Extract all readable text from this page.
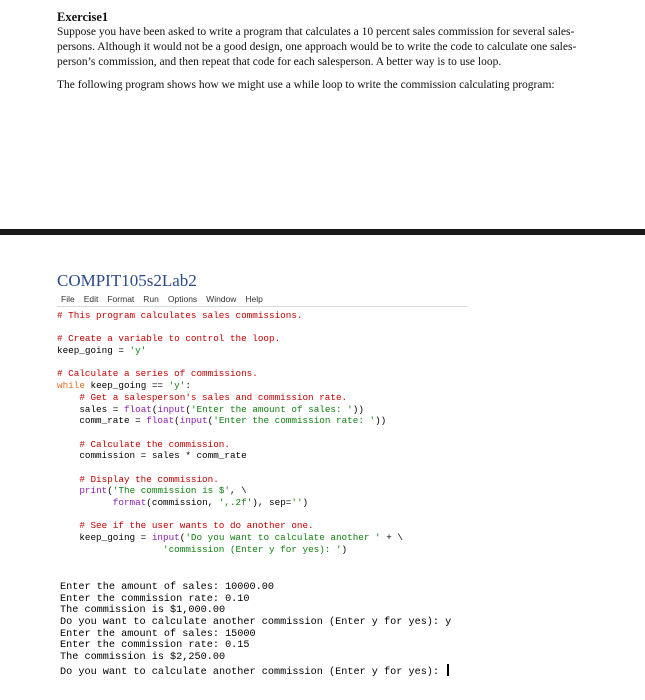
Exercise1

Suppose you have been asked to write a program that calculates a 10 percent sales commission for several sales-

persons. Although it would not be a good design, one approach would be to write the code to calculate one sales-

person’s commission, and then repeat that code for each salesperson. A better way is to use loop.

The following program shows how we might use a while loop to write the commission calculating program:

COMPIT105s2Lab2

File Edit Format Run Options Window Help
# This program calculates sales commissions.
# Create a variable to control the loop.
keep_going = 'y'
# Calculate a series of commissions.
while keep_going == 'y':
# Get a salesperson's sales and commission rate.
sales = float(input('Enter the amount of sales: '))
comm_rate = float(input('Enter the commission rate: '))
# Calculate the commission.
commission = sales * comm_rate
# Display the commission.
print('The commission is $', \
format(commission, ',.2f'), sep='')
# See if the user wants to do another one.
keep_going = input('Do you want to calculate another ' + \
'commission (Enter y for yes): ')
Enter the amount of sales: 10000.00
Enter the commission rate: 0.10
The commission is $1,000.00
Do you want to calculate another commission (Enter y for yes): y
Enter the amount of sales: 15000
Enter the commission rate: 0.15
The commission is $2,250.00
Do you want to calculate another commission (Enter y for yes):
